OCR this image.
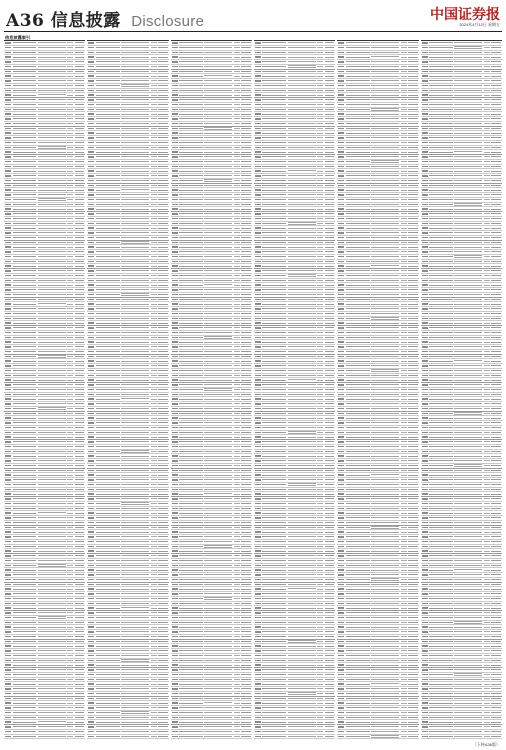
A36 信息披露 Disclosure	中国证券报
2024年4月12日 星期五
信息披露索引
（下转A36版）
